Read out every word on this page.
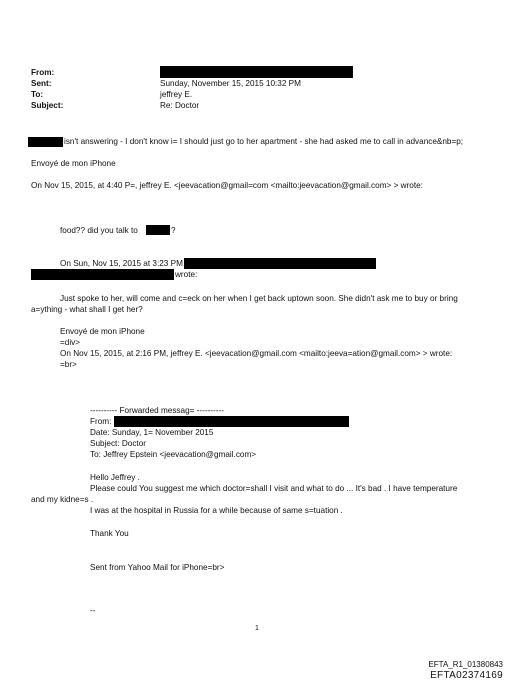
From:
Sent:	Sunday, November 15, 2015 10:32 PM
To:	jeffrey E.
Subject:	Re: Doctor
isn't answering - I don't know i= I should just go to her apartment - she had asked me to call in advance&nb=p;
Envoyé de mon iPhone
On Nov 15, 2015, at 4:40 P=, jeffrey E. <jeevacation@gmail=com <mailto:jeevacation@gmail.com> > wrote:
food?? did you talk to	?
On Sun, Nov 15, 2015 at 3:23 PM
wrote:
Just spoke to her, will come and c=eck on her when I get back uptown soon. She didn't ask me to buy or bring
a=ything - what shall I get her?
Envoyé de mon iPhone
=div>
On Nov 15, 2015, at 2:16 PM, jeffrey E. <jeevacation@gmail.com <mailto:jeeva=ation@gmail.com> > wrote:
=br>
---------- Forwarded messag= ----------
From:
Date: Sunday, 1= November 2015
Subject: Doctor
To: Jeffrey Epstein <jeevacation@gmail.com>
Hello Jeffrey .
Please could You suggest me which doctor=shall I visit and what to do ... It's bad . I have temperature
and my kidne=s .
I was at the hospital in Russia for a while because of same s=tuation .
Thank You
Sent from Yahoo Mail for iPhone=br>
--
1
EFTA_R1_01380843
EFTA02374169
